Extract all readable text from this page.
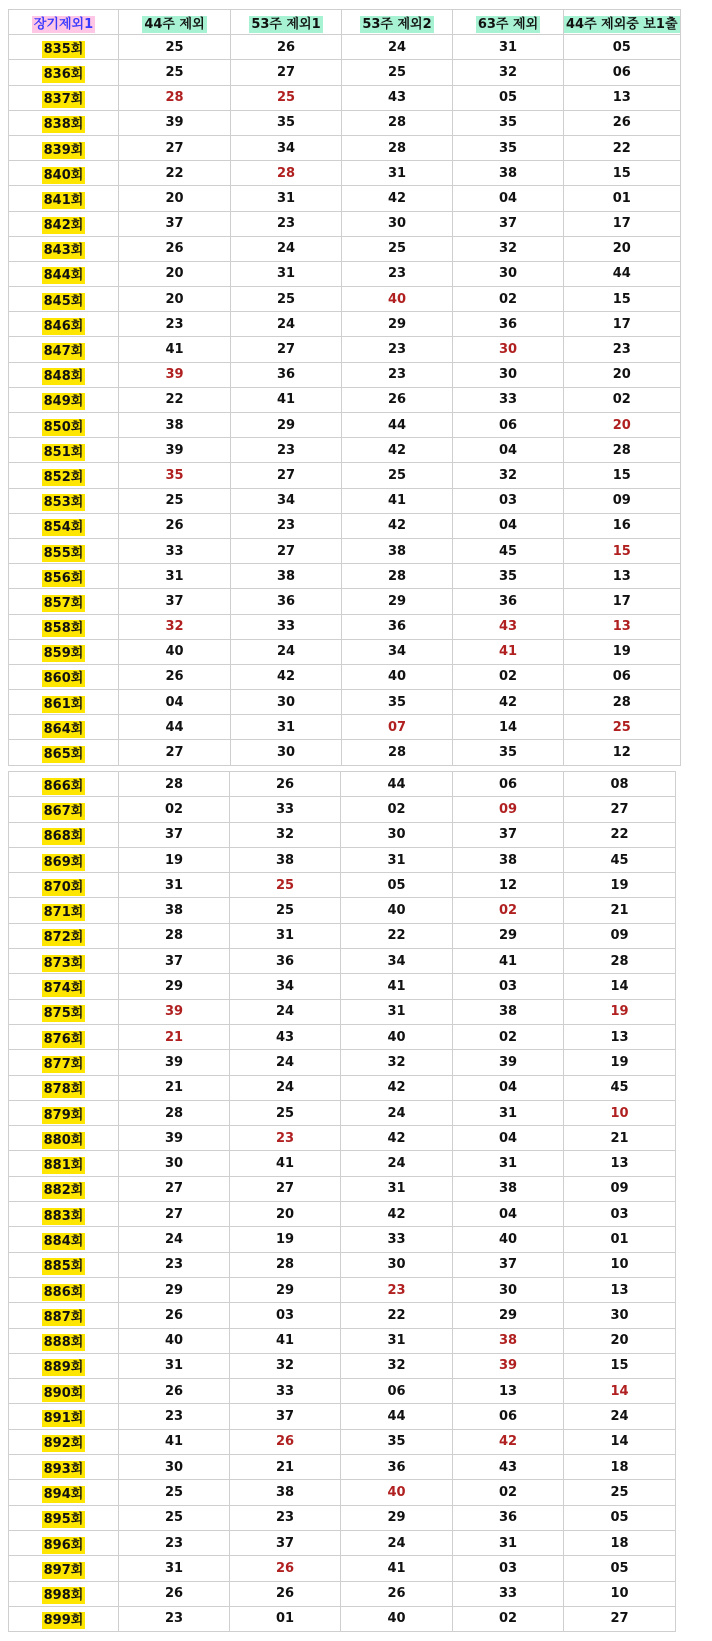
장기제외1	44주 제외	53주 제외1	53주 제외2	63주 제외	44주 제외중 보1출
835회	25	26	24	31	05
836회	25	27	25	32	06
837회	28	25	43	05	13
838회	39	35	28	35	26
839회	27	34	28	35	22
840회	22	28	31	38	15
841회	20	31	42	04	01
842회	37	23	30	37	17
843회	26	24	25	32	20
844회	20	31	23	30	44
845회	20	25	40	02	15
846회	23	24	29	36	17
847회	41	27	23	30	23
848회	39	36	23	30	20
849회	22	41	26	33	02
850회	38	29	44	06	20
851회	39	23	42	04	28
852회	35	27	25	32	15
853회	25	34	41	03	09
854회	26	23	42	04	16
855회	33	27	38	45	15
856회	31	38	28	35	13
857회	37	36	29	36	17
858회	32	33	36	43	13
859회	40	24	34	41	19
860회	26	42	40	02	06
861회	04	30	35	42	28
864회	44	31	07	14	25
865회	27	30	28	35	12
866회	28	26	44	06	08
867회	02	33	02	09	27
868회	37	32	30	37	22
869회	19	38	31	38	45
870회	31	25	05	12	19
871회	38	25	40	02	21
872회	28	31	22	29	09
873회	37	36	34	41	28
874회	29	34	41	03	14
875회	39	24	31	38	19
876회	21	43	40	02	13
877회	39	24	32	39	19
878회	21	24	42	04	45
879회	28	25	24	31	10
880회	39	23	42	04	21
881회	30	41	24	31	13
882회	27	27	31	38	09
883회	27	20	42	04	03
884회	24	19	33	40	01
885회	23	28	30	37	10
886회	29	29	23	30	13
887회	26	03	22	29	30
888회	40	41	31	38	20
889회	31	32	32	39	15
890회	26	33	06	13	14
891회	23	37	44	06	24
892회	41	26	35	42	14
893회	30	21	36	43	18
894회	25	38	40	02	25
895회	25	23	29	36	05
896회	23	37	24	31	18
897회	31	26	41	03	05
898회	26	26	26	33	10
899회	23	01	40	02	27
